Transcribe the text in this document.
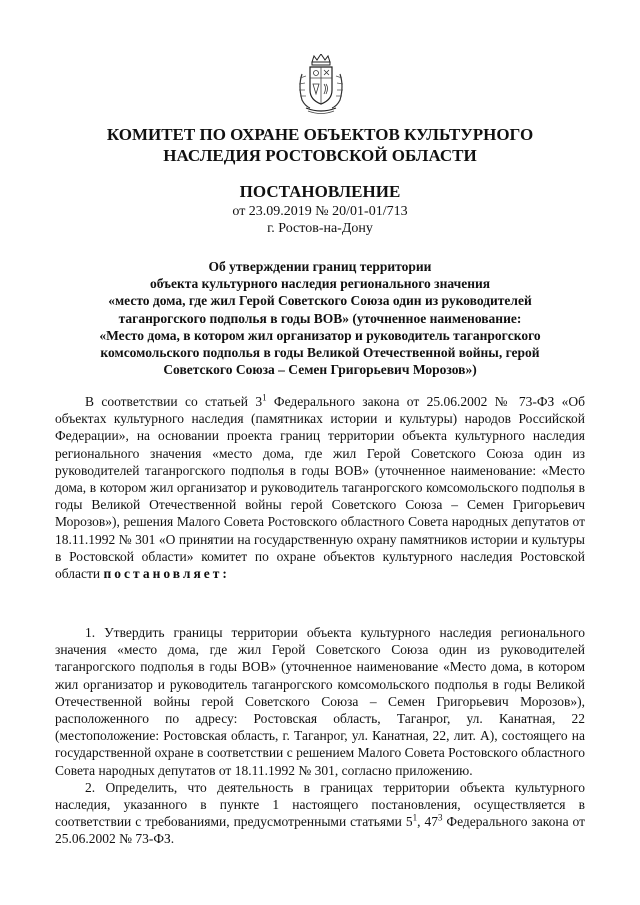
КОМИТЕТ ПО ОХРАНЕ ОБЪЕКТОВ КУЛЬТУРНОГО
НАСЛЕДИЯ РОСТОВСКОЙ ОБЛАСТИ
ПОСТАНОВЛЕНИЕ
от 23.09.2019 № 20/01-01/713
г. Ростов-на-Дону
Об утверждении границ территории
объекта культурного наследия регионального значения
«место дома, где жил Герой Советского Союза один из руководителей
таганрогского подполья в годы ВОВ» (уточненное наименование:
«Место дома, в котором жил организатор и руководитель таганрогского
комсомольского подполья в годы Великой Отечественной войны, герой
Советского Союза – Семен Григорьевич Морозов»)

В соответствии со статьей $3^1$ Федерального закона от 25.06.2002 № 73-ФЗ «Об объектах культурного наследия (памятниках истории и культуры) народов Российской Федерации», на основании проекта границ территории объекта культурного наследия регионального значения «место дома, где жил Герой Советского Союза один из руководителей таганрогского подполья в годы ВОВ» (уточненное наименование: «Место дома, в котором жил организатор и руководитель таганрогского комсомольского подполья в годы Великой Отечественной войны герой Советского Союза – Семен Григорьевич Морозов»), решения Малого Совета Ростовского областного Совета народных депутатов от 18.11.1992 № 301 «О принятии на государственную охрану памятников истории и культуры в Ростовской области» комитет по охране объектов культурного наследия Ростовской области постановляет:

1. Утвердить границы территории объекта культурного наследия регионального значения «место дома, где жил Герой Советского Союза один из руководителей таганрогского подполья в годы ВОВ» (уточненное наименование «Место дома, в котором жил организатор и руководитель таганрогского комсомольского подполья в годы Великой Отечественной войны герой Советского Союза – Семен Григорьевич Морозов»), расположенного по адресу: Ростовская область, Таганрог, ул. Канатная, 22 (местоположение: Ростовская область, г. Таганрог, ул. Канатная, 22, лит. А), состоящего на государственной охране в соответствии с решением Малого Совета Ростовского областного Совета народных депутатов от 18.11.1992 № 301, согласно приложению.

2. Определить, что деятельность в границах территории объекта культурного наследия, указанного в пункте 1 настоящего постановления, осуществляется в соответствии с требованиями, предусмотренными статьями $5^1$, $47^3$ Федерального закона от 25.06.2002 № 73-ФЗ.
